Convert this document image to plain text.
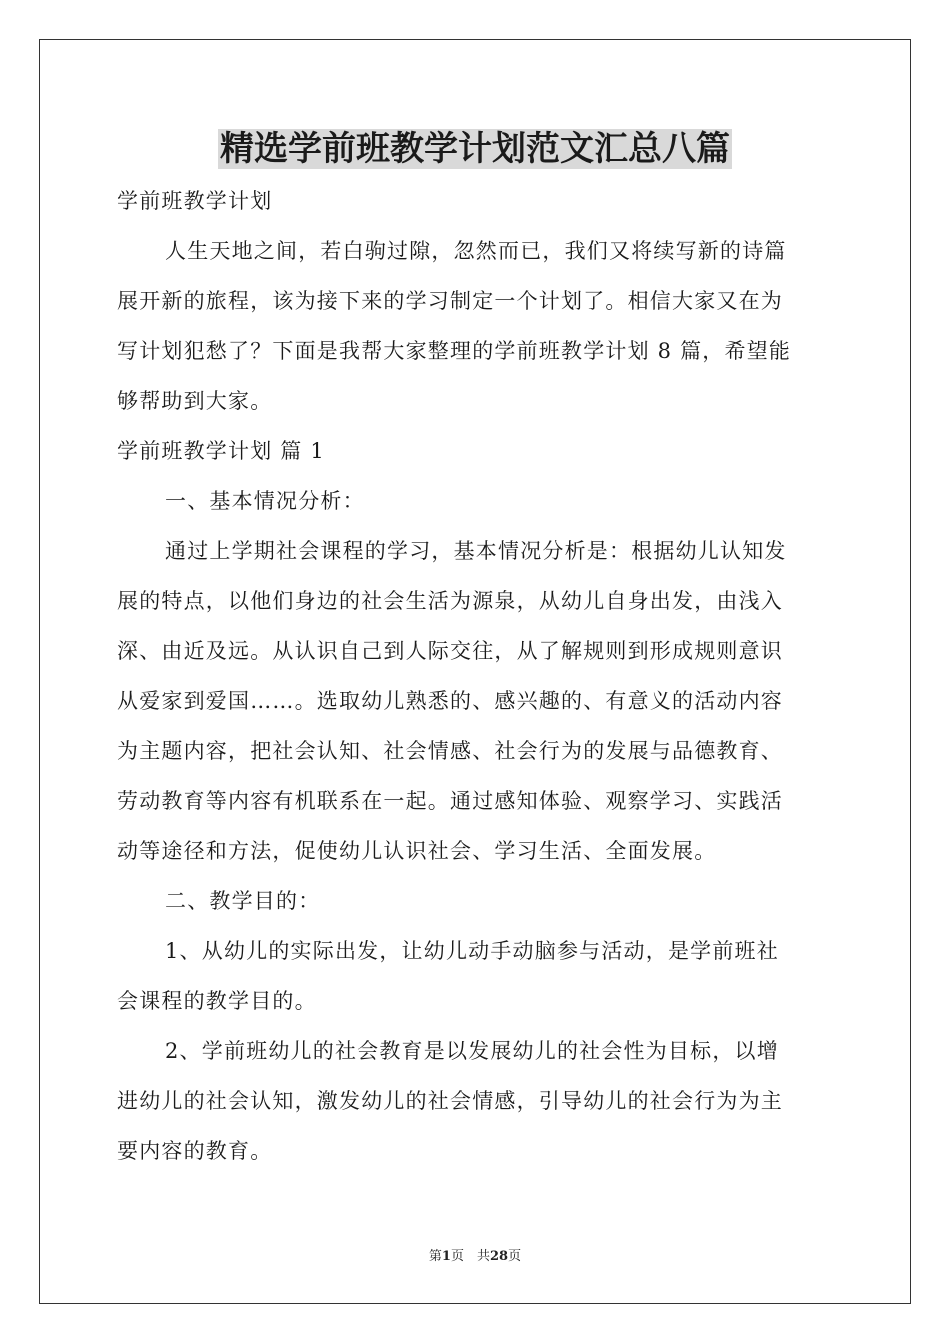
精选学前班教学计划范文汇总八篇

学前班教学计划

人生天地之间，若白驹过隙，忽然而已，我们又将续写新的诗篇

展开新的旅程，该为接下来的学习制定一个计划了。相信大家又在为

写计划犯愁了？下面是我帮大家整理的学前班教学计划 8 篇，希望能

够帮助到大家。

学前班教学计划 篇 1

一、基本情况分析：

通过上学期社会课程的学习，基本情况分析是：根据幼儿认知发

展的特点，以他们身边的社会生活为源泉，从幼儿自身出发，由浅入

深、由近及远。从认识自己到人际交往，从了解规则到形成规则意识

从爱家到爱国……。选取幼儿熟悉的、感兴趣的、有意义的活动内容

为主题内容，把社会认知、社会情感、社会行为的发展与品德教育、

劳动教育等内容有机联系在一起。通过感知体验、观察学习、实践活

动等途径和方法，促使幼儿认识社会、学习生活、全面发展。

二、教学目的：

1、从幼儿的实际出发，让幼儿动手动脑参与活动，是学前班社

会课程的教学目的。

2、学前班幼儿的社会教育是以发展幼儿的社会性为目标，以增

进幼儿的社会认知，激发幼儿的社会情感，引导幼儿的社会行为为主

要内容的教育。

第1页　共28页
